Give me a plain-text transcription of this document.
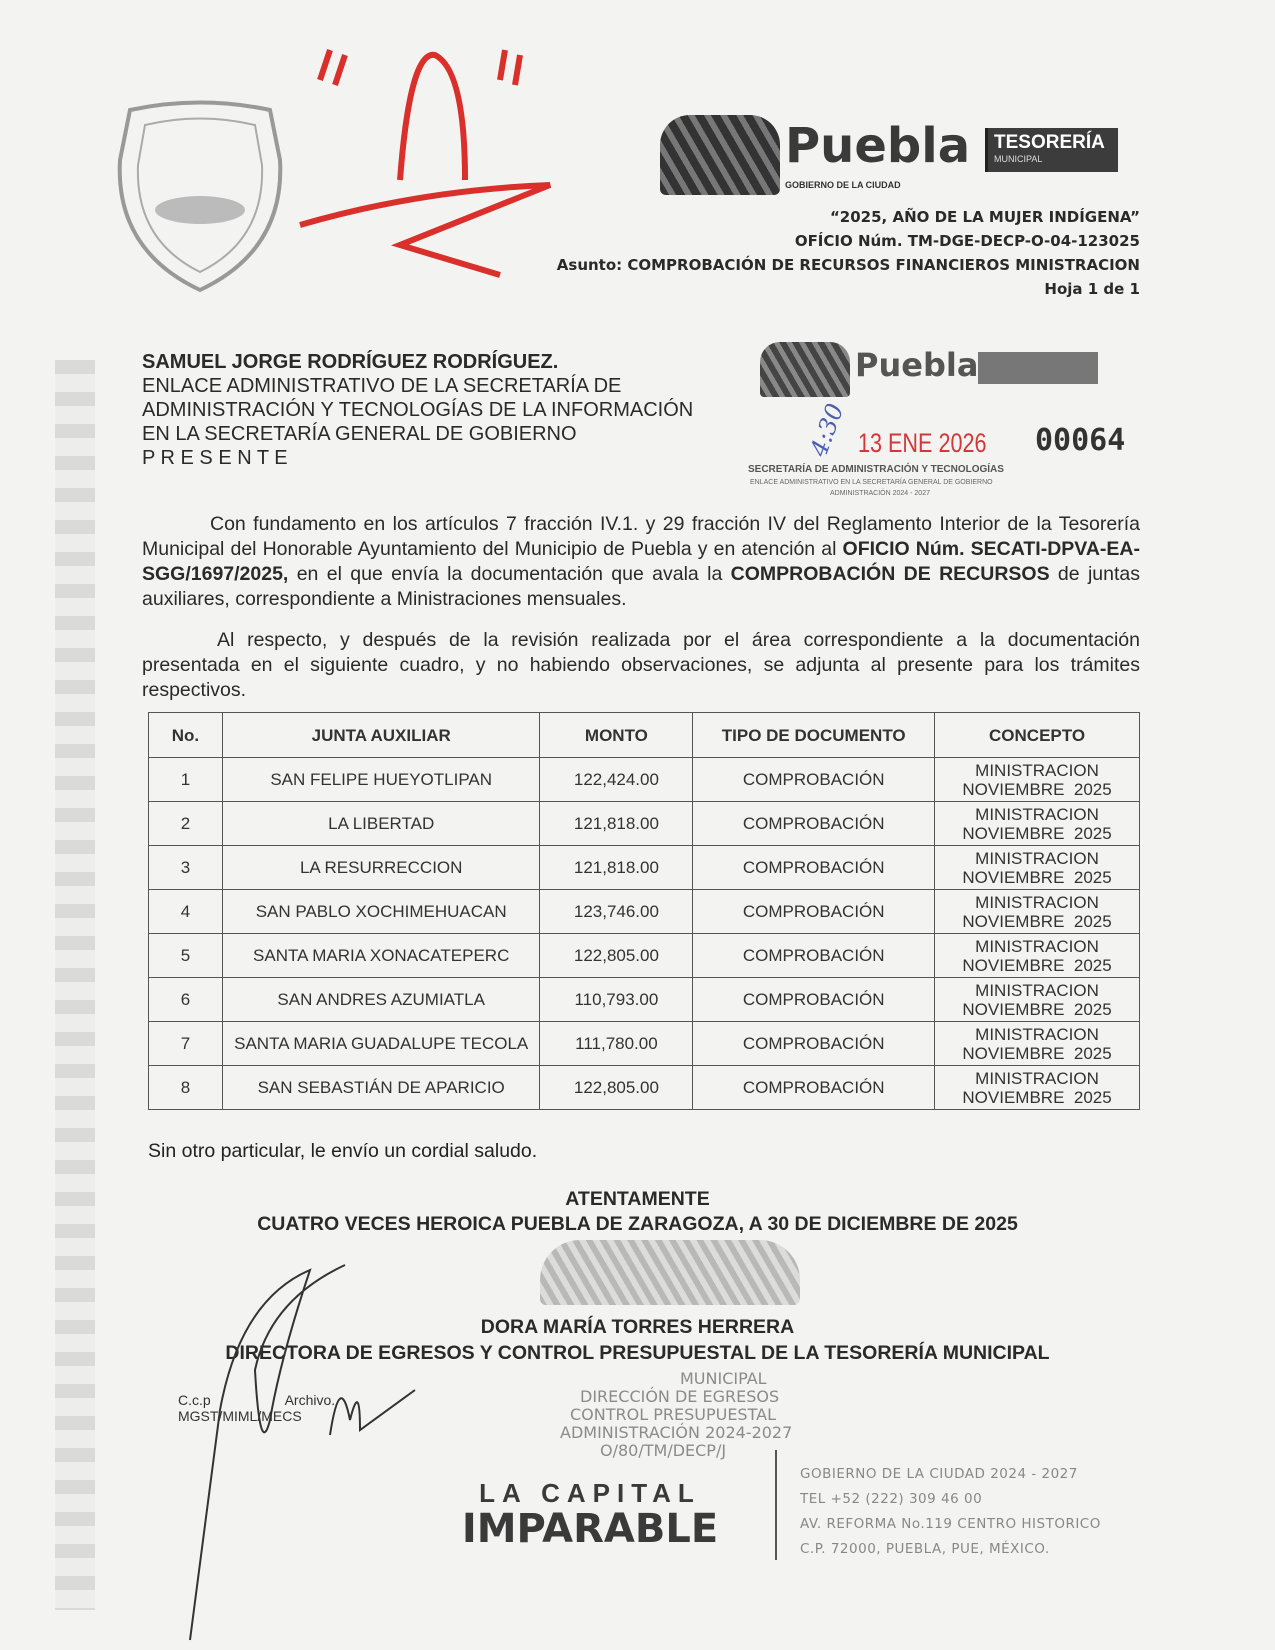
Puebla
GOBIERNO DE LA CIUDAD
TESORERÍA
MUNICIPAL
“2025, AÑO DE LA MUJER INDÍGENA”
OFÍCIO Núm. TM-DGE-DECP-O-04-123025
Asunto: COMPROBACIÓN DE RECURSOS FINANCIEROS MINISTRACION
Hoja 1 de 1
SAMUEL JORGE RODRÍGUEZ RODRÍGUEZ.
ENLACE ADMINISTRATIVO DE LA SECRETARÍA DE
ADMINISTRACIÓN Y TECNOLOGÍAS DE LA INFORMACIÓN
EN LA SECRETARÍA GENERAL DE GOBIERNO
P R E S E N T E
Puebla
4:30 13 ENE 2026 00064
SECRETARÍA DE ADMINISTRACIÓN Y TECNOLOGÍAS
ENLACE ADMINISTRATIVO EN LA SECRETARÍA GENERAL DE GOBIERNO
ADMINISTRACIÓN 2024 - 2027
Con fundamento en los artículos 7 fracción IV.1. y 29 fracción IV del Reglamento Interior de la Tesorería Municipal del Honorable Ayuntamiento del Municipio de Puebla y en atención al OFICIO Núm. SECATI-DPVA-EA-SGG/1697/2025, en el que envía la documentación que avala la COMPROBACIÓN DE RECURSOS de juntas auxiliares, correspondiente a Ministraciones mensuales.
Al respecto, y después de la revisión realizada por el área correspondiente a la documentación presentada en el siguiente cuadro, y no habiendo observaciones, se adjunta al presente para los trámites respectivos.
No.	JUNTA AUXILIAR	MONTO	TIPO DE DOCUMENTO	CONCEPTO
1	SAN FELIPE HUEYOTLIPAN	122,424.00	COMPROBACIÓN	MINISTRACION
NOVIEMBRE  2025

2	LA LIBERTAD	121,818.00	COMPROBACIÓN	MINISTRACION
NOVIEMBRE  2025

3	LA RESURRECCION	121,818.00	COMPROBACIÓN	MINISTRACION
NOVIEMBRE  2025

4	SAN PABLO XOCHIMEHUACAN	123,746.00	COMPROBACIÓN	MINISTRACION
NOVIEMBRE  2025

5	SANTA MARIA XONACATEPERC	122,805.00	COMPROBACIÓN	MINISTRACION
NOVIEMBRE  2025

6	SAN ANDRES AZUMIATLA	110,793.00	COMPROBACIÓN	MINISTRACION
NOVIEMBRE  2025

7	SANTA MARIA GUADALUPE TECOLA	111,780.00	COMPROBACIÓN	MINISTRACION
NOVIEMBRE  2025

8	SAN SEBASTIÁN DE APARICIO	122,805.00	COMPROBACIÓN	MINISTRACION
NOVIEMBRE  2025
Sin otro particular, le envío un cordial saludo.
ATENTAMENTE
CUATRO VECES HEROICA PUEBLA DE ZARAGOZA, A 30 DE DICIEMBRE DE 2025
MUNICIPAL
DIRECCIÓN DE EGRESOS
CONTROL PRESUPUESTAL
ADMINISTRACIÓN 2024-2027
O/80/TM/DECP/J
DORA MARÍA TORRES HERRERA
DIRECTORA DE EGRESOS Y CONTROL PRESUPUESTAL DE LA TESORERÍA MUNICIPAL
C.c.p	Archivo.
MGST/MIML/MECS
LA CAPITAL
IMPARABLE
GOBIERNO DE LA CIUDAD 2024 - 2027
TEL +52 (222) 309 46 00
AV. REFORMA No.119 CENTRO HISTORICO
C.P. 72000, PUEBLA, PUE, MÉXICO.
